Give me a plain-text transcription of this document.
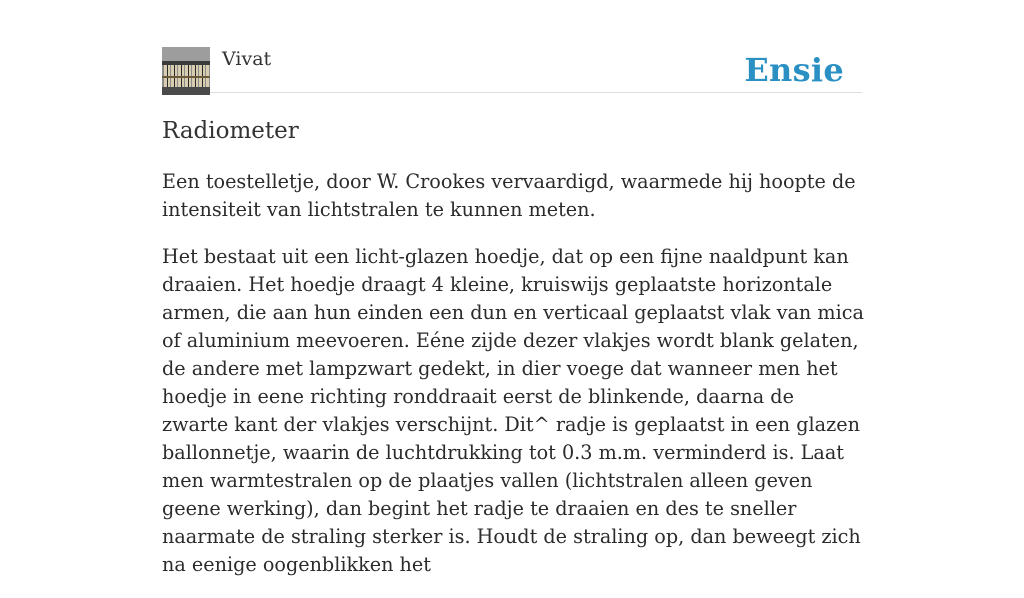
Vivat	Ensie
Radiometer

Een toestelletje, door W. Crookes vervaardigd, waarmede hij hoopte de intensiteit van lichtstralen te kunnen meten.

Het bestaat uit een licht-glazen hoedje, dat op een fijne naaldpunt kan draaien. Het hoedje draagt 4 kleine, kruiswijs geplaatste horizontale armen, die aan hun einden een dun en verticaal geplaatst vlak van mica of aluminium meevoeren. Eéne zijde dezer vlakjes wordt blank gelaten, de andere met lampzwart gedekt, in dier voege dat wanneer men het hoedje in eene richting ronddraait eerst de blinkende, daarna de zwarte kant der vlakjes verschijnt. Dit^ radje is geplaatst in een glazen ballonnetje, waarin de luchtdrukking tot 0.3 m.m. verminderd is. Laat men warmtestralen op de plaatjes vallen (lichtstralen alleen geven geene werking), dan begint het radje te draaien en des te sneller naarmate de straling sterker is. Houdt de straling op, dan beweegt zich na eenige oogenblikken het
